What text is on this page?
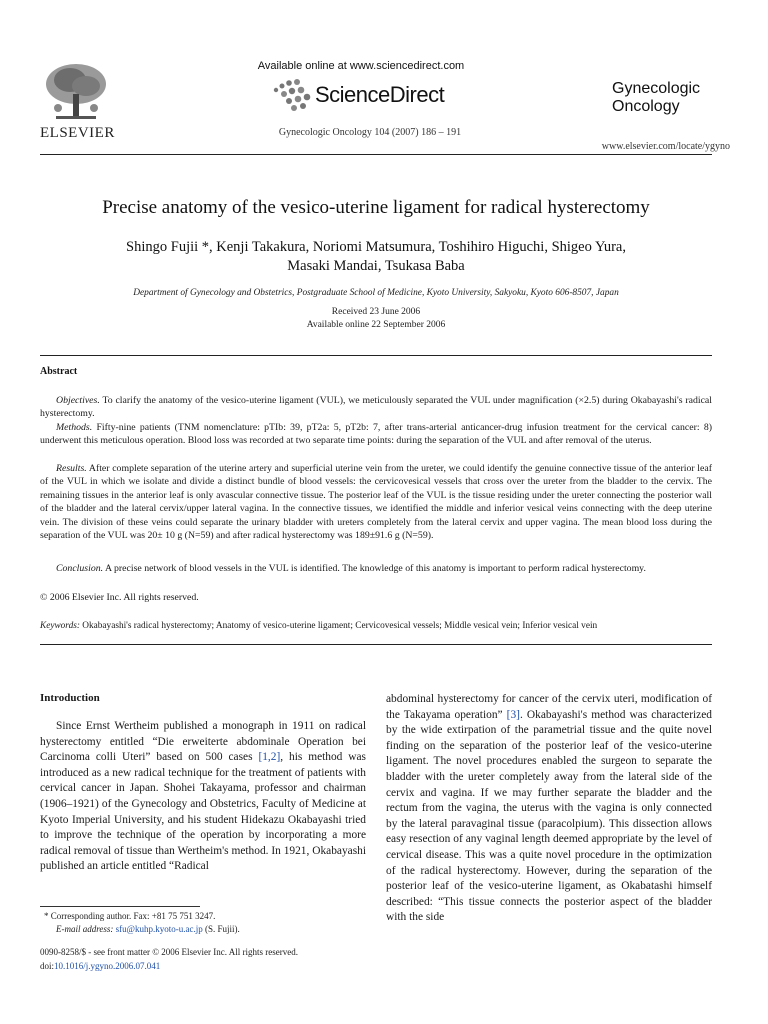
ELSEVIER
Available online at www.sciencedirect.com
ScienceDirect
Gynecologic Oncology 104 (2007) 186 – 191
Gynecologic
Oncology
www.elsevier.com/locate/ygyno
Precise anatomy of the vesico-uterine ligament for radical hysterectomy
Shingo Fujii *, Kenji Takakura, Noriomi Matsumura, Toshihiro Higuchi, Shigeo Yura,
Masaki Mandai, Tsukasa Baba
Department of Gynecology and Obstetrics, Postgraduate School of Medicine, Kyoto University, Sakyoku, Kyoto 606-8507, Japan
Received 23 June 2006
Available online 22 September 2006
Abstract
Objectives. To clarify the anatomy of the vesico-uterine ligament (VUL), we meticulously separated the VUL under magnification (×2.5) during Okabayashi's radical hysterectomy.
Methods. Fifty-nine patients (TNM nomenclature: pTIb: 39, pT2a: 5, pT2b: 7, after trans-arterial anticancer-drug infusion treatment for the cervical cancer: 8) underwent this meticulous operation. Blood loss was recorded at two separate time points: during the separation of the VUL and after removal of the uterus.
Results. After complete separation of the uterine artery and superficial uterine vein from the ureter, we could identify the genuine connective tissue of the anterior leaf of the VUL in which we isolate and divide a distinct bundle of blood vessels: the cervicovesical vessels that cross over the ureter from the bladder to the cervix. The remaining tissues in the anterior leaf is only avascular connective tissue. The posterior leaf of the VUL is the tissue residing under the ureter connecting the posterior wall of the bladder and the lateral cervix/upper lateral vagina. In the connective tissues, we identified the middle and inferior vesical veins connecting with the deep uterine vein. The division of these veins could separate the urinary bladder with ureters completely from the lateral cervix and upper vagina. The mean blood loss during the separation of the VUL was 20± 10 g (N=59) and after radical hysterectomy was 189±91.6 g (N=59).
Conclusion. A precise network of blood vessels in the VUL is identified. The knowledge of this anatomy is important to perform radical hysterectomy.
© 2006 Elsevier Inc. All rights reserved.
Keywords: Okabayashi's radical hysterectomy; Anatomy of vesico-uterine ligament; Cervicovesical vessels; Middle vesical vein; Inferior vesical vein
Introduction
Since Ernst Wertheim published a monograph in 1911 on radical hysterectomy entitled “Die erweiterte abdominale Operation bei Carcinoma colli Uteri” based on 500 cases [1,2], his method was introduced as a new radical technique for the treatment of patients with cervical cancer in Japan. Shohei Takayama, professor and chairman (1906–1921) of the Gynecology and Obstetrics, Faculty of Medicine at Kyoto Imperial University, and his student Hidekazu Okabayashi tried to improve the technique of the operation by incorporating a more radical removal of tissue than Wertheim's method. In 1921, Okabayashi published an article entitled “Radical
abdominal hysterectomy for cancer of the cervix uteri, modification of the Takayama operation” [3]. Okabayashi's method was characterized by the wide extirpation of the parametrial tissue and the quite novel finding on the separation of the posterior leaf of the vesico-uterine ligament. The novel procedures enabled the surgeon to separate the bladder with the ureter completely away from the lateral side of the cervix and vagina. If we may further separate the bladder and the rectum from the vagina, the uterus with the vagina is only connected by the lateral paravaginal tissue (paracolpium). This dissection allows easy resection of any vaginal length deemed appropriate by the level of cervical disease. This was a quite novel procedure in the optimization of the radical hysterectomy. However, during the separation of the posterior leaf of the vesico-uterine ligament, as Okabatashi himself described: “This tissue connects the posterior aspect of the bladder with the side
* Corresponding author. Fax: +81 75 751 3247.
E-mail address: sfu@kuhp.kyoto-u.ac.jp (S. Fujii).
0090-8258/$ - see front matter © 2006 Elsevier Inc. All rights reserved.
doi:10.1016/j.ygyno.2006.07.041
